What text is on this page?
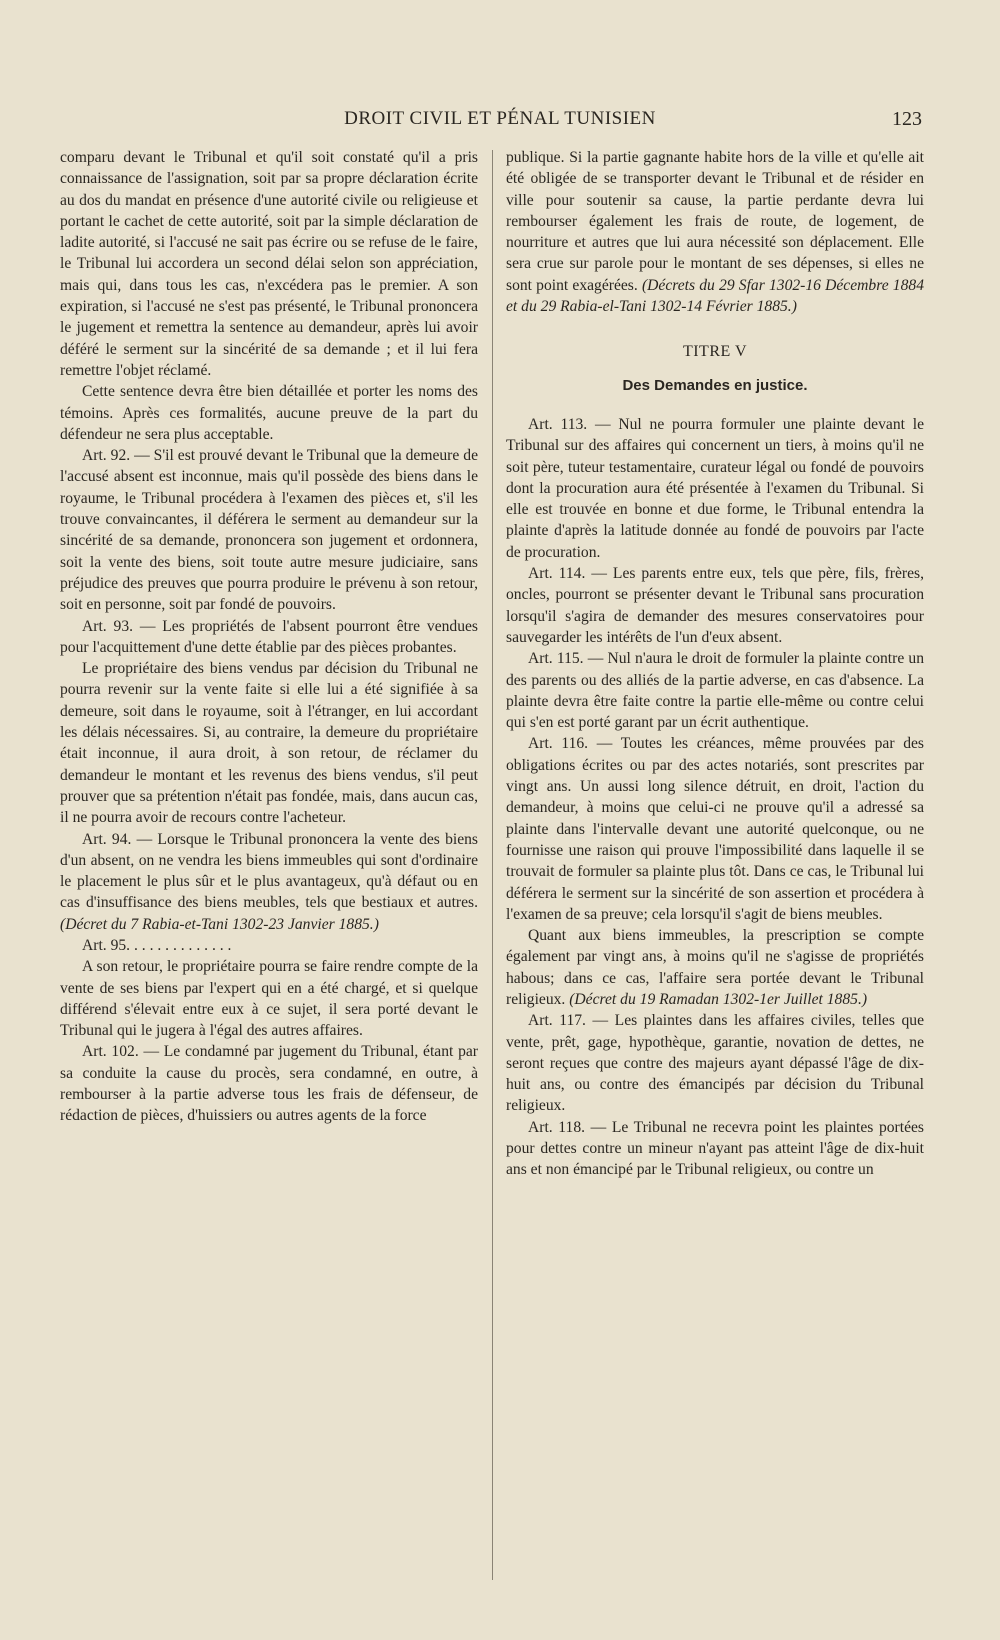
DROIT CIVIL ET PÉNAL TUNISIEN	123

comparu devant le Tribunal et qu'il soit constaté qu'il a pris connaissance de l'assignation, soit par sa propre déclaration écrite au dos du mandat en présence d'une autorité civile ou religieuse et portant le cachet de cette autorité, soit par la simple déclaration de ladite autorité, si l'accusé ne sait pas écrire ou se refuse de le faire, le Tribunal lui accordera un second délai selon son appréciation, mais qui, dans tous les cas, n'excédera pas le premier. A son expiration, si l'accusé ne s'est pas présenté, le Tribunal prononcera le jugement et remettra la sentence au demandeur, après lui avoir déféré le serment sur la sincérité de sa demande ; et il lui fera remettre l'objet réclamé.

Cette sentence devra être bien détaillée et porter les noms des témoins. Après ces formalités, aucune preuve de la part du défendeur ne sera plus acceptable.

Art. 92. — S'il est prouvé devant le Tribunal que la demeure de l'accusé absent est inconnue, mais qu'il possède des biens dans le royaume, le Tribunal procédera à l'examen des pièces et, s'il les trouve convaincantes, il déférera le serment au demandeur sur la sincérité de sa demande, prononcera son jugement et ordonnera, soit la vente des biens, soit toute autre mesure judiciaire, sans préjudice des preuves que pourra produire le prévenu à son retour, soit en personne, soit par fondé de pouvoirs.

Art. 93. — Les propriétés de l'absent pourront être vendues pour l'acquittement d'une dette établie par des pièces probantes.

Le propriétaire des biens vendus par décision du Tribunal ne pourra revenir sur la vente faite si elle lui a été signifiée à sa demeure, soit dans le royaume, soit à l'étranger, en lui accordant les délais nécessaires. Si, au contraire, la demeure du propriétaire était inconnue, il aura droit, à son retour, de réclamer du demandeur le montant et les revenus des biens vendus, s'il peut prouver que sa prétention n'était pas fondée, mais, dans aucun cas, il ne pourra avoir de recours contre l'acheteur.

Art. 94. — Lorsque le Tribunal prononcera la vente des biens d'un absent, on ne vendra les biens immeubles qui sont d'ordinaire le placement le plus sûr et le plus avantageux, qu'à défaut ou en cas d'insuffisance des biens meubles, tels que bestiaux et autres. (Décret du 7 Rabia-et-Tani 1302-23 Janvier 1885.)

Art. 95. . . . . . . . . . . . . .

A son retour, le propriétaire pourra se faire rendre compte de la vente de ses biens par l'expert qui en a été chargé, et si quelque différend s'élevait entre eux à ce sujet, il sera porté devant le Tribunal qui le jugera à l'égal des autres affaires.

Art. 102. — Le condamné par jugement du Tribunal, étant par sa conduite la cause du procès, sera condamné, en outre, à rembourser à la partie adverse tous les frais de défenseur, de rédaction de pièces, d'huissiers ou autres agents de la force

publique. Si la partie gagnante habite hors de la ville et qu'elle ait été obligée de se transporter devant le Tribunal et de résider en ville pour soutenir sa cause, la partie perdante devra lui rembourser également les frais de route, de logement, de nourriture et autres que lui aura nécessité son déplacement. Elle sera crue sur parole pour le montant de ses dépenses, si elles ne sont point exagérées. (Décrets du 29 Sfar 1302-16 Décembre 1884 et du 29 Rabia-el-Tani 1302-14 Février 1885.)

TITRE V
Des Demandes en justice.

Art. 113. — Nul ne pourra formuler une plainte devant le Tribunal sur des affaires qui concernent un tiers, à moins qu'il ne soit père, tuteur testamentaire, curateur légal ou fondé de pouvoirs dont la procuration aura été présentée à l'examen du Tribunal. Si elle est trouvée en bonne et due forme, le Tribunal entendra la plainte d'après la latitude donnée au fondé de pouvoirs par l'acte de procuration.

Art. 114. — Les parents entre eux, tels que père, fils, frères, oncles, pourront se présenter devant le Tribunal sans procuration lorsqu'il s'agira de demander des mesures conservatoires pour sauvegarder les intérêts de l'un d'eux absent.

Art. 115. — Nul n'aura le droit de formuler la plainte contre un des parents ou des alliés de la partie adverse, en cas d'absence. La plainte devra être faite contre la partie elle-même ou contre celui qui s'en est porté garant par un écrit authentique.

Art. 116. — Toutes les créances, même prouvées par des obligations écrites ou par des actes notariés, sont prescrites par vingt ans. Un aussi long silence détruit, en droit, l'action du demandeur, à moins que celui-ci ne prouve qu'il a adressé sa plainte dans l'intervalle devant une autorité quelconque, ou ne fournisse une raison qui prouve l'impossibilité dans laquelle il se trouvait de formuler sa plainte plus tôt. Dans ce cas, le Tribunal lui déférera le serment sur la sincérité de son assertion et procédera à l'examen de sa preuve; cela lorsqu'il s'agit de biens meubles.

Quant aux biens immeubles, la prescription se compte également par vingt ans, à moins qu'il ne s'agisse de propriétés habous; dans ce cas, l'affaire sera portée devant le Tribunal religieux. (Décret du 19 Ramadan 1302-1er Juillet 1885.)

Art. 117. — Les plaintes dans les affaires civiles, telles que vente, prêt, gage, hypothèque, garantie, novation de dettes, ne seront reçues que contre des majeurs ayant dépassé l'âge de dix-huit ans, ou contre des émancipés par décision du Tribunal religieux.

Art. 118. — Le Tribunal ne recevra point les plaintes portées pour dettes contre un mineur n'ayant pas atteint l'âge de dix-huit ans et non émancipé par le Tribunal religieux, ou contre un
